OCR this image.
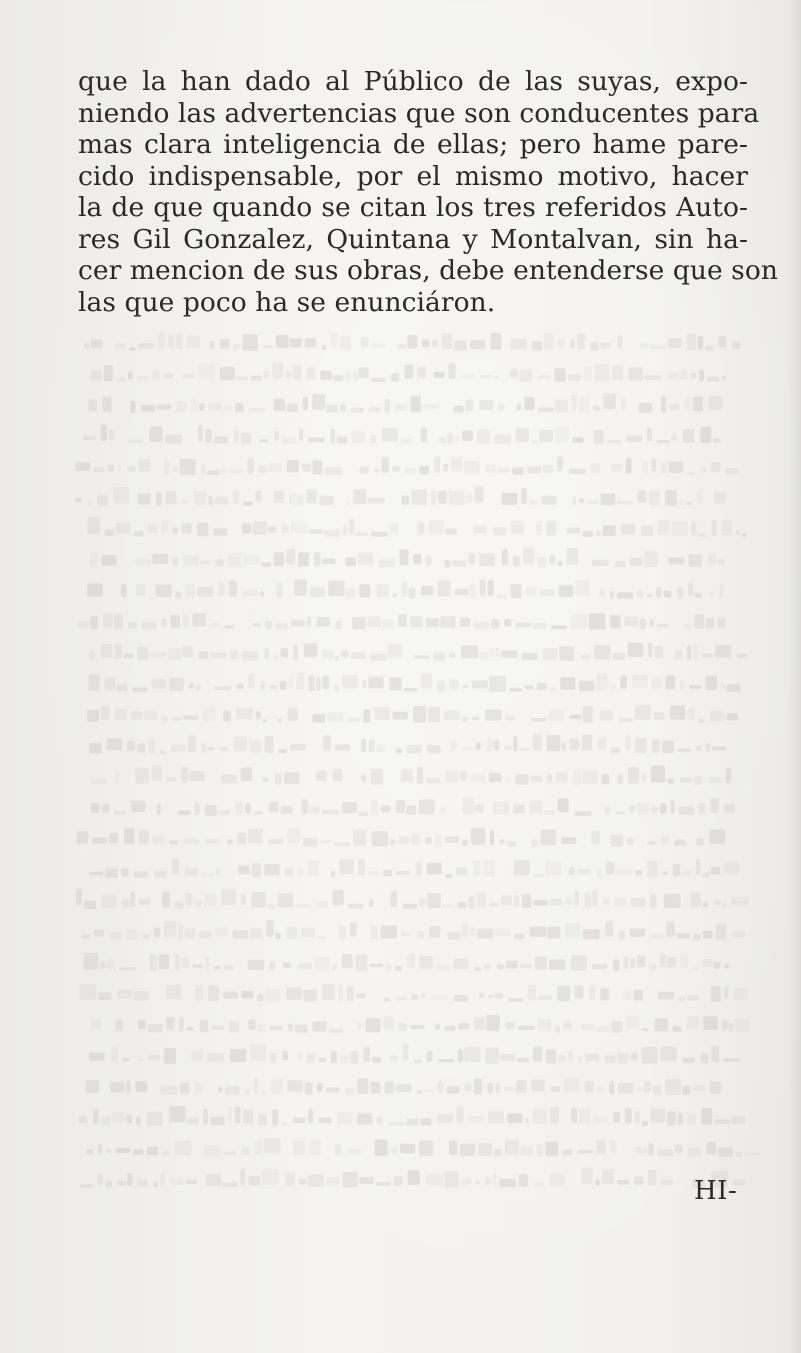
que la han dado al Público de las suyas, expo-
niendo las advertencias que son conducentes para
mas clara inteligencia de ellas; pero hame pare-
cido indispensable, por el mismo motivo, hacer
la de que quando se citan los tres referidos Auto-
res Gil Gonzalez, Quintana y Montalvan, sin ha-
cer mencion de sus obras, debe entenderse que son
las que poco ha se enunciáron.

HI-
